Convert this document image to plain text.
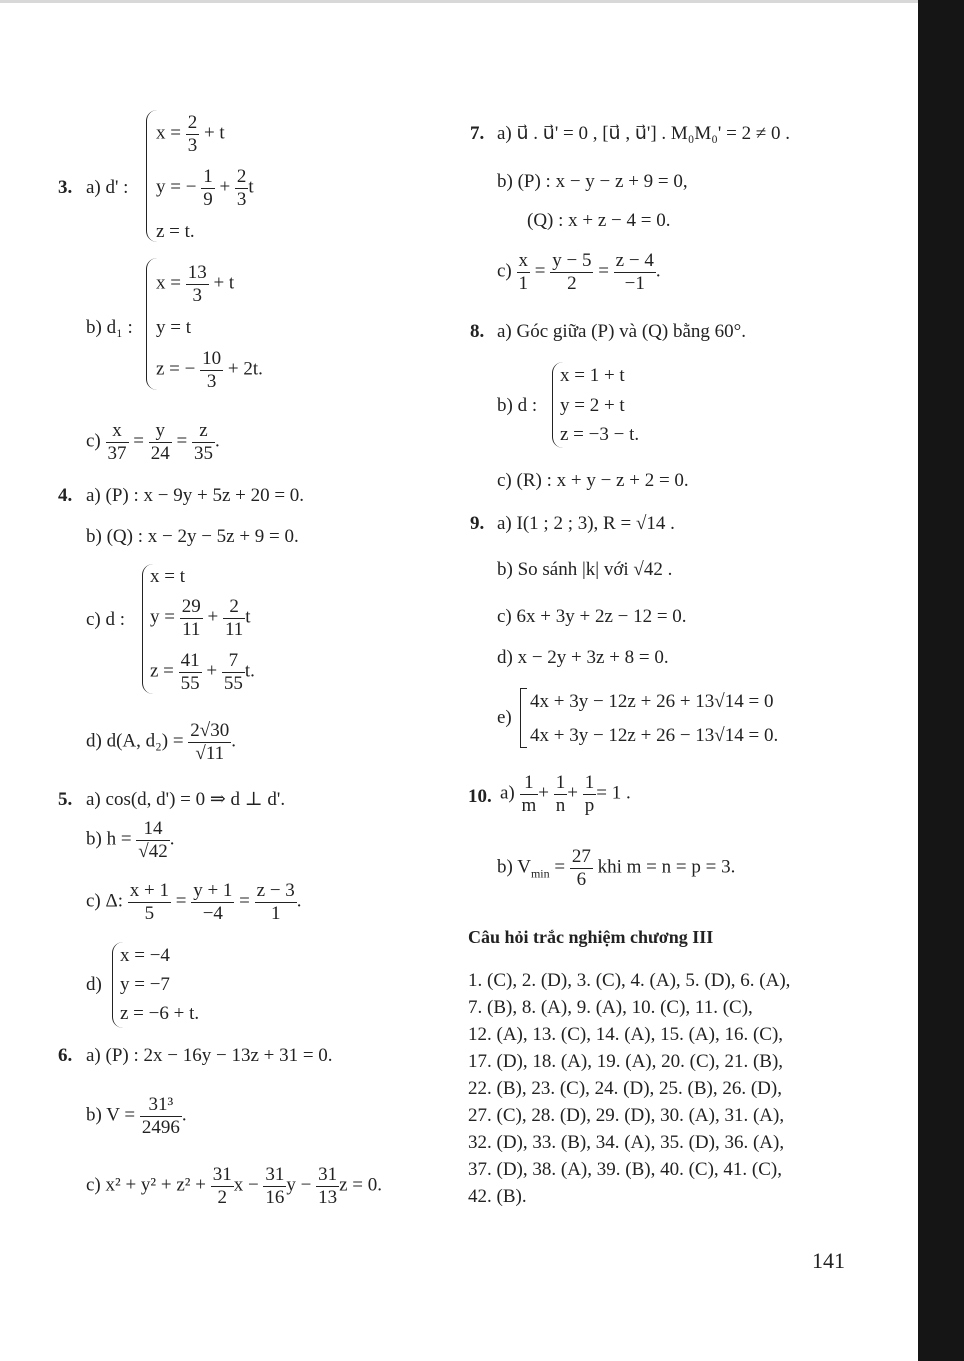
3. a) d' :
$x = \frac{2}{3} + t$
y = − $\frac{1}{9} + \frac{2}{3}$ t
z = t.
b) d₁ :
$x = \frac{13}{3} + t$
y = t
z = − $\frac{10}{3} + 2t$.
$c) \frac{x}{37} = \frac{y}{24} = \frac{z}{35}$ .
4. a) (P) : x − 9y + 5z + 20 = 0.
b) (Q) : x − 2y − 5z + 9 = 0.
c) d :
x = t
$y = \frac{29}{11} + \frac{2}{11}$ t
$z = \frac{41}{55} + \frac{7}{55} t$.
d) d(A, $d_2) = \frac{2√30}{√11}$ .
5. a) cos(d, d') = 0 ⇒ d ⊥ d'.
b) $h = \frac{14}{√42}$ .
c) Δ: $\frac{x + 1}{5} = \frac{y + 1}{-4} = \frac{z - 3}{1}$ .
d)
x = −4
y = −7
z = −6 + t.
6. a) (P) : 2x − 16y − 13z + 31 = 0.
b) $V = \frac{\text{31³}}{2496}$ .
c) $x^2 + y^2 + z^2 + \frac{31}{2}$ $x - \frac{31}{16}$ $y - \frac{31}{13}$ z = 0.
7. a) u⃗ . u⃗' = 0 , [u⃗ , u⃗'] . M₀M₀' = 2 ≠ 0 .
b) (P) : x − y − z + 9 = 0,
(Q) : x + z − 4 = 0.
$c) \frac{x}{1} = \frac{y - 5}{2} = \frac{z - 4}{-1}$ .
8. a) Góc giữa (P) và (Q) bằng 60°.
b) d :
x = 1 + t
y = 2 + t
z = −3 − t.
c) (R) : x + y − z + 2 = 0.
9. a) I(1 ; 2 ; 3), R = √14 .
b) So sánh |k| với √42 .
c) 6x + 3y + 2z − 12 = 0.
d) x − 2y + 3z + 8 = 0.
e)
4x + 3y − 12z + 26 + 13√14 = 0
4x + 3y − 12z + 26 − 13√14 = 0.
10. $a) \frac{1}{m} + \frac{1}{n} + \frac{1}{p} = 1$ .
b) $V_{min} = \frac{27}{6}$ khi m = n = p = 3.
Câu hỏi trắc nghiệm chương III
1. (C), 2. (D), 3. (C), 4. (A), 5. (D), 6. (A),
7. (B), 8. (A), 9. (A), 10. (C), 11. (C),
12. (A), 13. (C), 14. (A), 15. (A), 16. (C),
17. (D), 18. (A), 19. (A), 20. (C), 21. (B),
22. (B), 23. (C), 24. (D), 25. (B), 26. (D),
27. (C), 28. (D), 29. (D), 30. (A), 31. (A),
32. (D), 33. (B), 34. (A), 35. (D), 36. (A),
37. (D), 38. (A), 39. (B), 40. (C), 41. (C),
42. (B).
141
